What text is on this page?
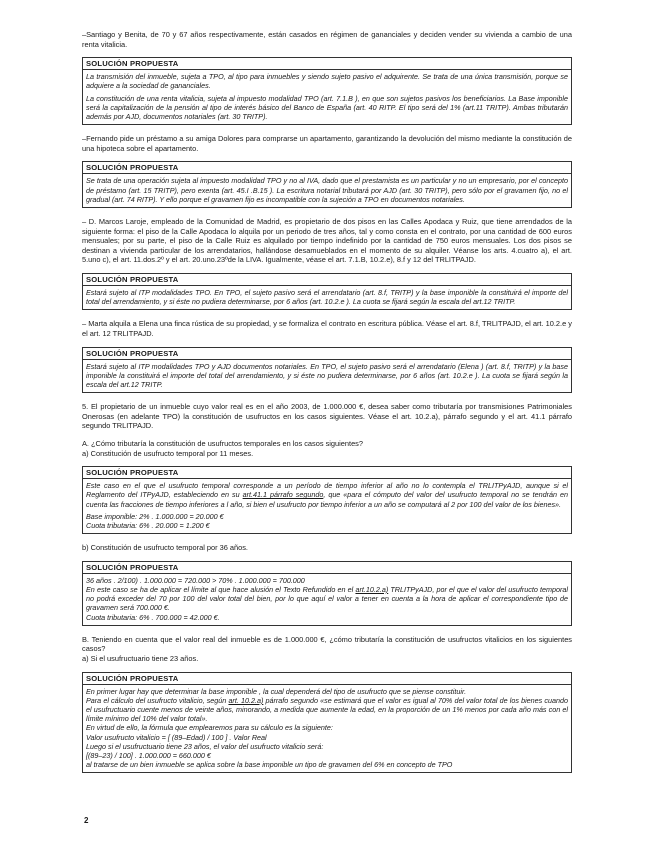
–Santiago y Benita, de 70 y 67 años respectivamente, están casados en régimen de gananciales y deciden vender su vivienda a cambio de una renta vitalicia.

SOLUCIÓN PROPUESTA

La transmisión del inmueble, sujeta a TPO, al tipo para inmuebles y siendo sujeto pasivo el adquirente. Se trata de una única transmisión, porque se adquiere a la sociedad de gananciales.

La constitución de una renta vitalicia, sujeta al impuesto modalidad TPO (art. 7.1.B ), en que son sujetos pasivos los beneficiarios. La Base imponible será la capitalización de la pensión al tipo de interés básico del Banco de España (art. 40 RITP. El tipo será del 1% (art.11 TRITP). Ambas tributarán además por AJD, documentos notariales (art. 30 TRITP).

–Fernando pide un préstamo a su amiga Dolores para comprarse un apartamento, garantizando la devolución del mismo mediante la constitución de una hipoteca sobre el apartamento.

SOLUCIÓN PROPUESTA

Se trata de una operación sujeta al impuesto modalidad TPO y no al IVA, dado que el prestamista es un particular y no un empresario, por el concepto de préstamo (art. 15 TRITP), pero exenta (art. 45.I .B.15 ). La escritura notarial tributará por AJD (art. 30 TRITP), pero sólo por el gravamen fijo, no el gradual (art. 74 RITP). Y ello porque el gravamen fijo es incompatible con la sujeción a TPO en documentos notariales.

– D. Marcos Laroje, empleado de la Comunidad de Madrid, es propietario de dos pisos en las Calles Apodaca y Ruiz, que tiene arrendados de la siguiente forma: el piso de la Calle Apodaca lo alquila por un periodo de tres años, tal y como consta en el contrato, por una cantidad de 600 euros mensuales; por su parte, el piso de la Calle Ruiz es alquilado por tiempo indefinido por la cantidad de 750 euros mensuales. Los dos pisos se destinan a vivienda particular de los arrendatarios, hallándose desamueblados en el momento de su alquiler. Véanse los arts. 4.cuatro a), el art. 5.uno c), el art. 11.dos.2º y el art. 20.uno.23ºde la LIVA. Igualmente, véase el art. 7.1.B, 10.2.e), 8.f y 12 del TRLITPAJD.

SOLUCIÓN PROPUESTA

Estará sujeto al ITP modalidades TPO. En TPO, el sujeto pasivo será el arrendatario (art. 8.f, TRITP) y la base imponible la constituirá el importe del total del arrendamiento, y si éste no pudiera determinarse, por 6 años (art. 10.2.e ). La cuota se fijará según la escala del art.12 TRITP.

– Marta alquila a Elena una finca rústica de su propiedad, y se formaliza el contrato en escritura pública. Véase el art. 8.f, TRLITPAJD, el art. 10.2.e y el art. 12 TRLITPAJD.

SOLUCIÓN PROPUESTA

Estará sujeto al ITP modalidades TPO y AJD documentos notariales. En TPO, el sujeto pasivo será el arrendatario (Elena ) (art. 8.f, TRITP) y la base imponible la constituirá el importe del total del arrendamiento, y si éste no pudiera determinarse, por 6 años (art. 10.2.e ). La cuota se fijará según la escala del art.12 TRITP.

5. El propietario de un inmueble cuyo valor real es en el año 2003, de 1.000.000 €, desea saber como tributaría por transmisiones Patrimoniales Onerosas (en adelante TPO) la constitución de usufructos en los casos siguientes. Véase el art. 10.2.a), párrafo segundo y el art. 41.1 párrafo segundo TRLITPAJD.

A. ¿Cómo tributaría la constitución de usufructos temporales en los casos siguientes?

a) Constitución de usufructo temporal por 11 meses.

SOLUCIÓN PROPUESTA

Este caso en el que el usufructo temporal corresponde a un período de tiempo inferior al año no lo contempla el TRLITPyAJD, aunque si el Reglamento del ITPyAJD, estableciendo en su art.41.1 párrafo segundo, que «para el cómputo del valor del usufructo temporal no se tendrán en cuenta las fracciones de tiempo inferiores a l año, si bien el usufructo por tiempo inferior a un año se computará al 2 por 100 del valor de los bienes».

Base imponible: 2% . 1.000.000 = 20.000 €

Cuota tributaria: 6% . 20.000 = 1.200 €

b) Constitución de usufructo temporal por 36 años.

SOLUCIÓN PROPUESTA

36 años . 2/100) . 1.000.000 = 720.000 > 70% . 1.000.000 = 700.000

En este caso se ha de aplicar el límite al que hace alusión el Texto Refundido en el art.10.2.a) TRLITPyAJD, por el que el valor del usufructo temporal no podrá exceder del 70 por 100 del valor total del bien, por lo que aquí el valor a tener en cuenta a la hora de aplicar el correspondiente tipo de gravamen será 700.000 €.

Cuota tributaria: 6% . 700.000 = 42.000 €.

B. Teniendo en cuenta que el valor real del inmueble es de 1.000.000 €, ¿cómo tributaría la constitución de usufructos vitalicios en los siguientes casos?

a) Si el usufructuario tiene 23 años.

SOLUCIÓN PROPUESTA

En primer lugar hay que determinar la base imponible , la cual dependerá del tipo de usufructo que se piense constituir.

Para el cálculo del usufructo vitalicio, según art. 10.2.a) párrafo segundo «se estimará que el valor es igual al 70% del valor total de los bienes cuando el usufructuario cuente menos de veinte años, minorando, a medida que aumente la edad, en la proporción de un 1% menos por cada año más con el límite mínimo del 10% del valor total».

En virtud de ello, la fórmula que emplearemos para su cálculo es la siguiente:

Valor usufructo vitalicio = [ (89–Edad) / 100 ] . Valor Real

Luego si el usufructuario tiene 23 años, el valor del usufructo vitalicio será:

[(89–23) / 100] . 1.000.000 = 660.000 €

al tratarse de un bien inmueble se aplica sobre la base imponible un tipo de gravamen del 6% en concepto de TPO

2
